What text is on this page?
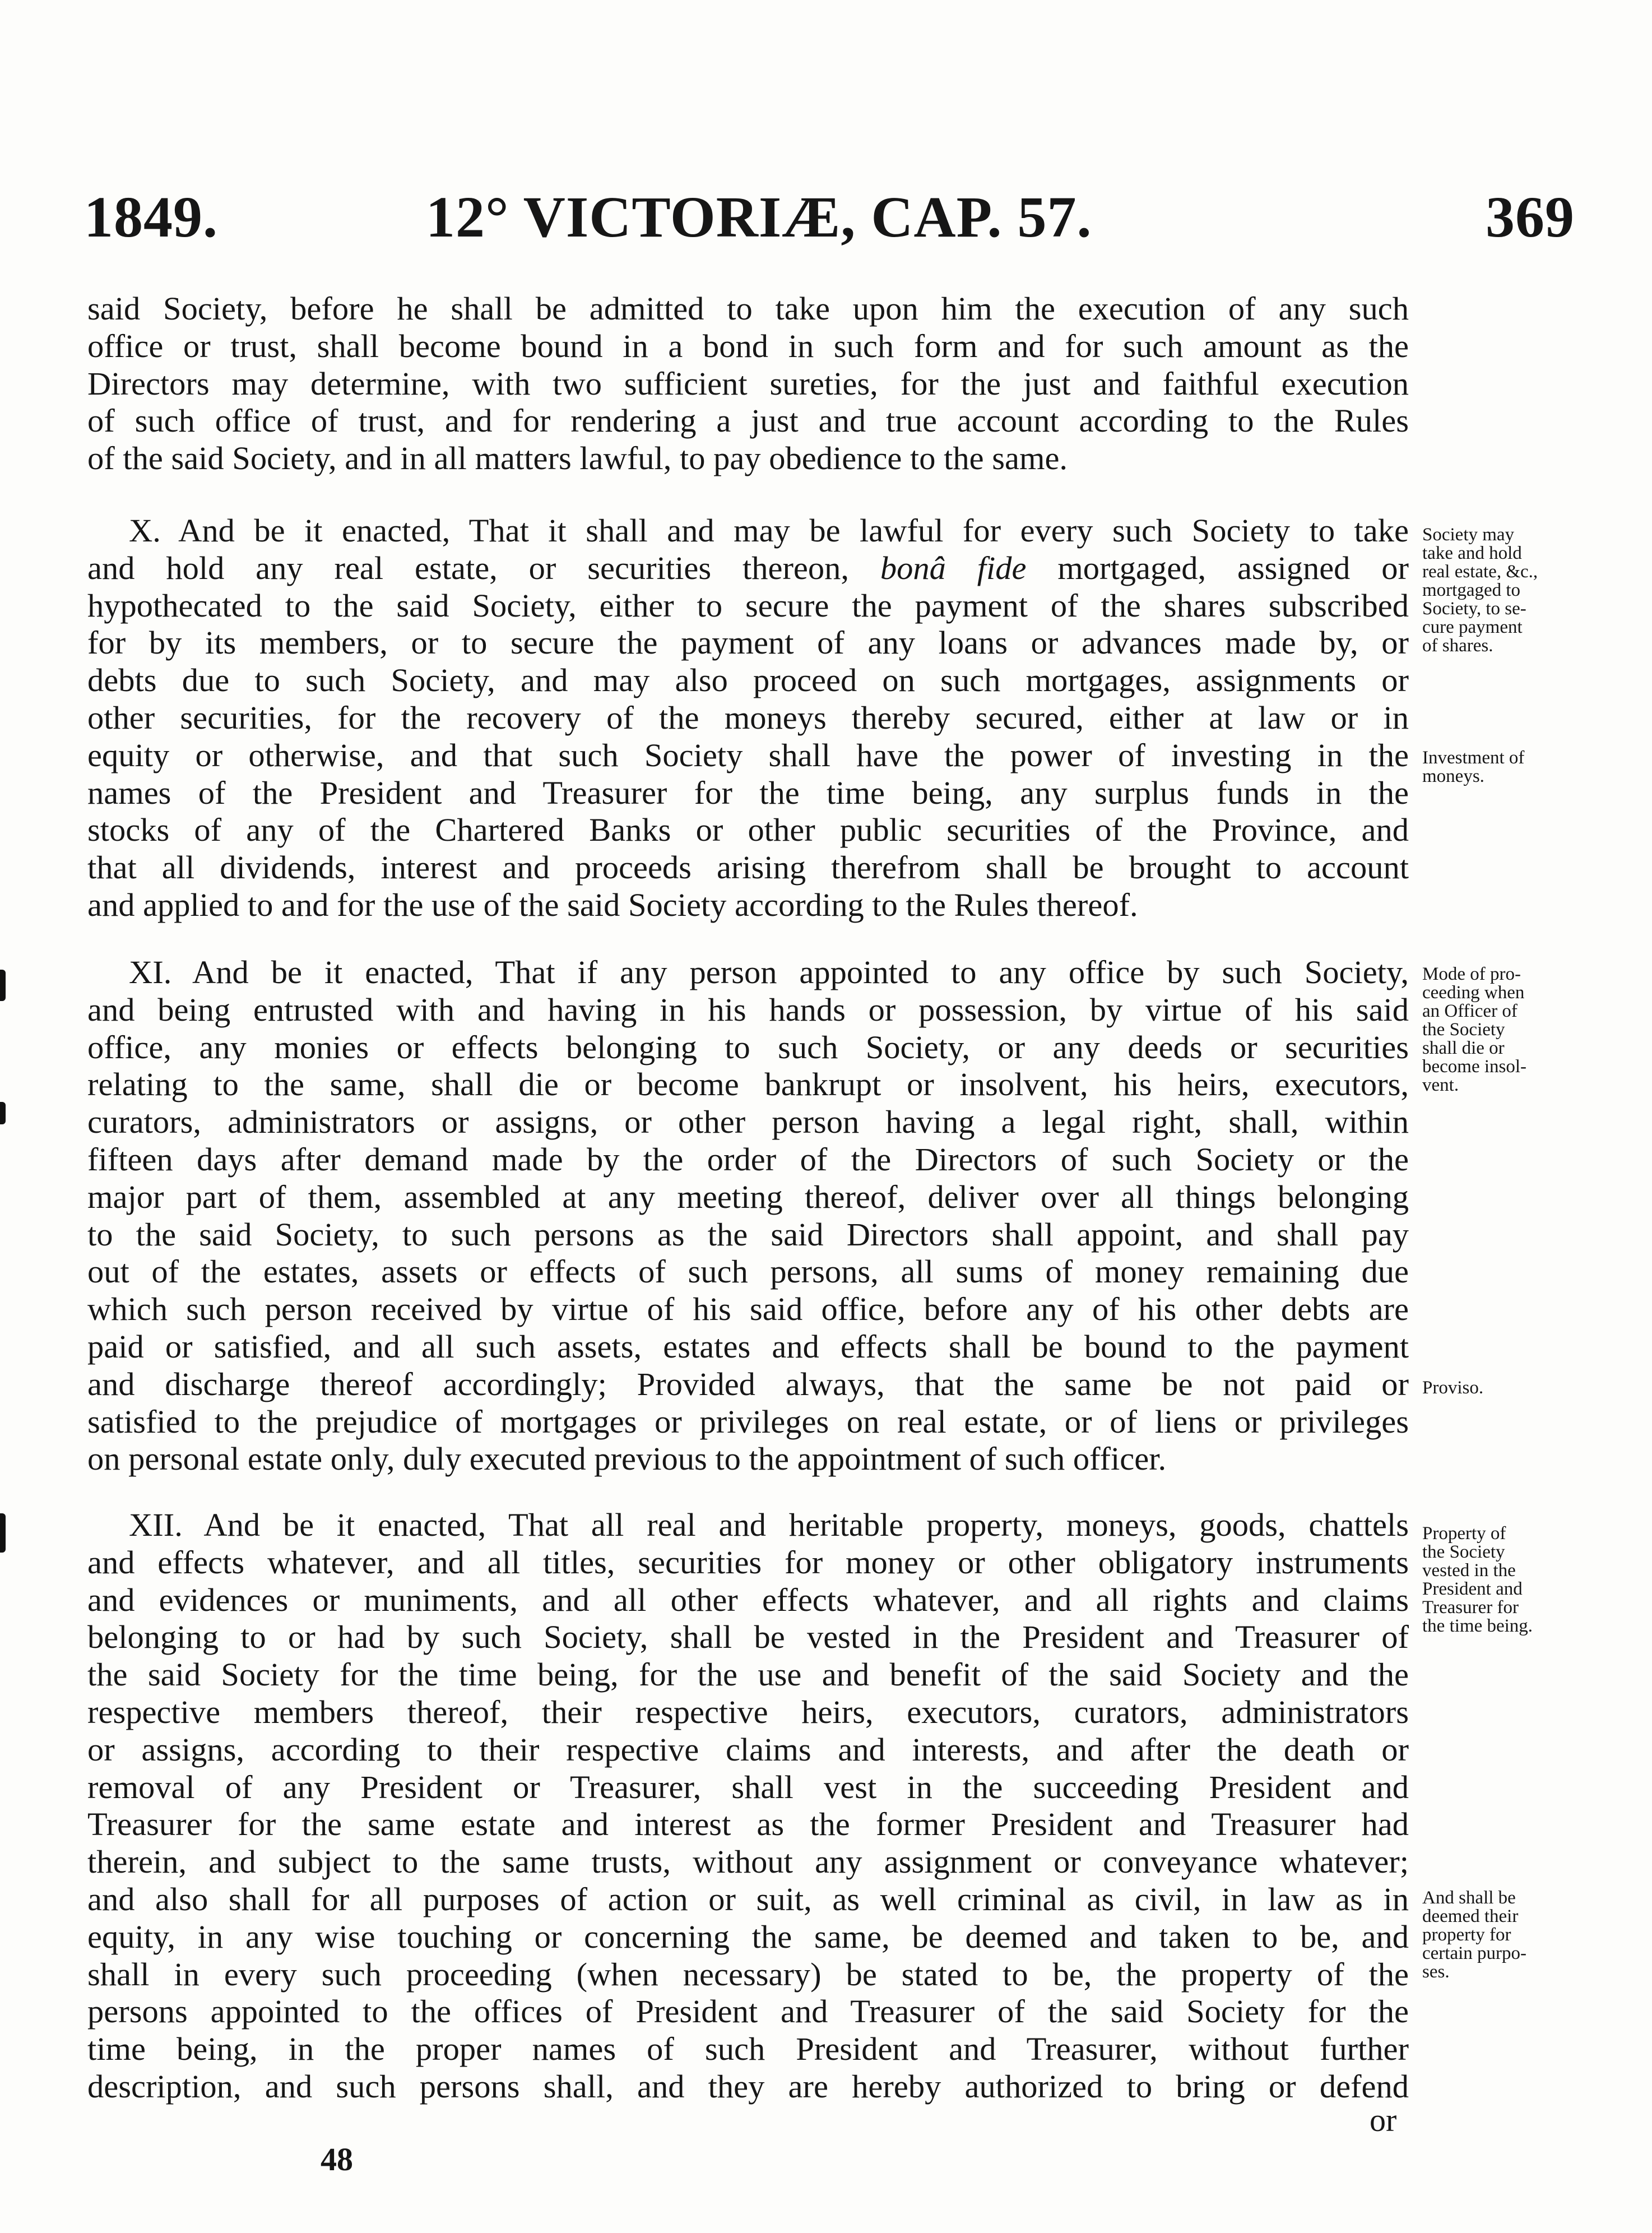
1849.	12° VICTORIÆ, CAP. 57.	369
said Society, before he shall be admitted to take upon him the execution of any such
office or trust, shall become bound in a bond in such form and for such amount as the
Directors may determine, with two sufficient sureties, for the just and faithful execution
of such office of trust, and for rendering a just and true account according to the Rules
of the said Society, and in all matters lawful, to pay obedience to the same.
X. And be it enacted, That it shall and may be lawful for every such Society to take
and hold any real estate, or securities thereon, bonâ fide mortgaged, assigned or
hypothecated to the said Society, either to secure the payment of the shares subscribed
for by its members, or to secure the payment of any loans or advances made by, or
debts due to such Society, and may also proceed on such mortgages, assignments or
other securities, for the recovery of the moneys thereby secured, either at law or in
equity or otherwise, and that such Society shall have the power of investing in the
names of the President and Treasurer for the time being, any surplus funds in the
stocks of any of the Chartered Banks or other public securities of the Province, and
that all dividends, interest and proceeds arising therefrom shall be brought to account
and applied to and for the use of the said Society according to the Rules thereof.
XI. And be it enacted, That if any person appointed to any office by such Society,
and being entrusted with and having in his hands or possession, by virtue of his said
office, any monies or effects belonging to such Society, or any deeds or securities
relating to the same, shall die or become bankrupt or insolvent, his heirs, executors,
curators, administrators or assigns, or other person having a legal right, shall, within
fifteen days after demand made by the order of the Directors of such Society or the
major part of them, assembled at any meeting thereof, deliver over all things belonging
to the said Society, to such persons as the said Directors shall appoint, and shall pay
out of the estates, assets or effects of such persons, all sums of money remaining due
which such person received by virtue of his said office, before any of his other debts are
paid or satisfied, and all such assets, estates and effects shall be bound to the payment
and discharge thereof accordingly; Provided always, that the same be not paid or
satisfied to the prejudice of mortgages or privileges on real estate, or of liens or privileges
on personal estate only, duly executed previous to the appointment of such officer.
XII. And be it enacted, That all real and heritable property, moneys, goods, chattels
and effects whatever, and all titles, securities for money or other obligatory instruments
and evidences or muniments, and all other effects whatever, and all rights and claims
belonging to or had by such Society, shall be vested in the President and Treasurer of
the said Society for the time being, for the use and benefit of the said Society and the
respective members thereof, their respective heirs, executors, curators, administrators
or assigns, according to their respective claims and interests, and after the death or
removal of any President or Treasurer, shall vest in the succeeding President and
Treasurer for the same estate and interest as the former President and Treasurer had
therein, and subject to the same trusts, without any assignment or conveyance whatever;
and also shall for all purposes of action or suit, as well criminal as civil, in law as in
equity, in any wise touching or concerning the same, be deemed and taken to be, and
shall in every such proceeding (when necessary) be stated to be, the property of the
persons appointed to the offices of President and Treasurer of the said Society for the
time being, in the proper names of such President and Treasurer, without further
description, and such persons shall, and they are hereby authorized to bring or defend
Society may
take and hold
real estate, &c.,
mortgaged to
Society, to se-
cure payment
of shares.
Investment of
moneys.
Mode of pro-
ceeding when
an Officer of
the Society
shall die or
become insol-
vent.
Proviso.
Property of
the Society
vested in the
President and
Treasurer for
the time being.
And shall be
deemed their
property for
certain purpo-
ses.
or
48
